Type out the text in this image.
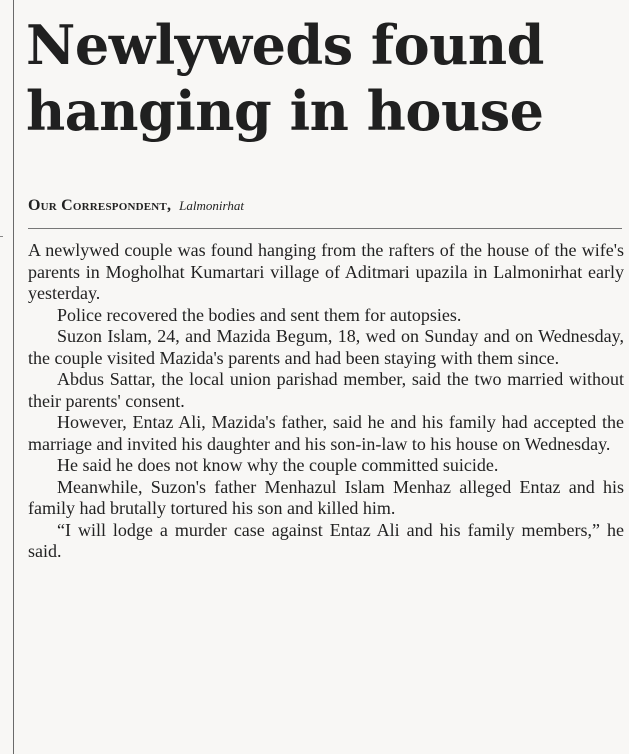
Newlyweds found
hanging in house
Our Correspondent, Lalmonirhat

A newlywed couple was found hanging from the rafters of the house of the wife's parents in Mogholhat Kumartari village of Aditmari upazila in Lalmonirhat early yesterday.

Police recovered the bodies and sent them for autopsies.

Suzon Islam, 24, and Mazida Begum, 18, wed on Sunday and on Wednesday, the couple visited Mazida's parents and had been staying with them since.

Abdus Sattar, the local union parishad member, said the two married without their parents' consent.

However, Entaz Ali, Mazida's father, said he and his family had accepted the marriage and invited his daughter and his son-in-law to his house on Wednesday.

He said he does not know why the couple committed suicide.

Meanwhile, Suzon's father Menhazul Islam Menhaz alleged Entaz and his family had brutally tortured his son and killed him.

“I will lodge a murder case against Entaz Ali and his family members,” he said.
